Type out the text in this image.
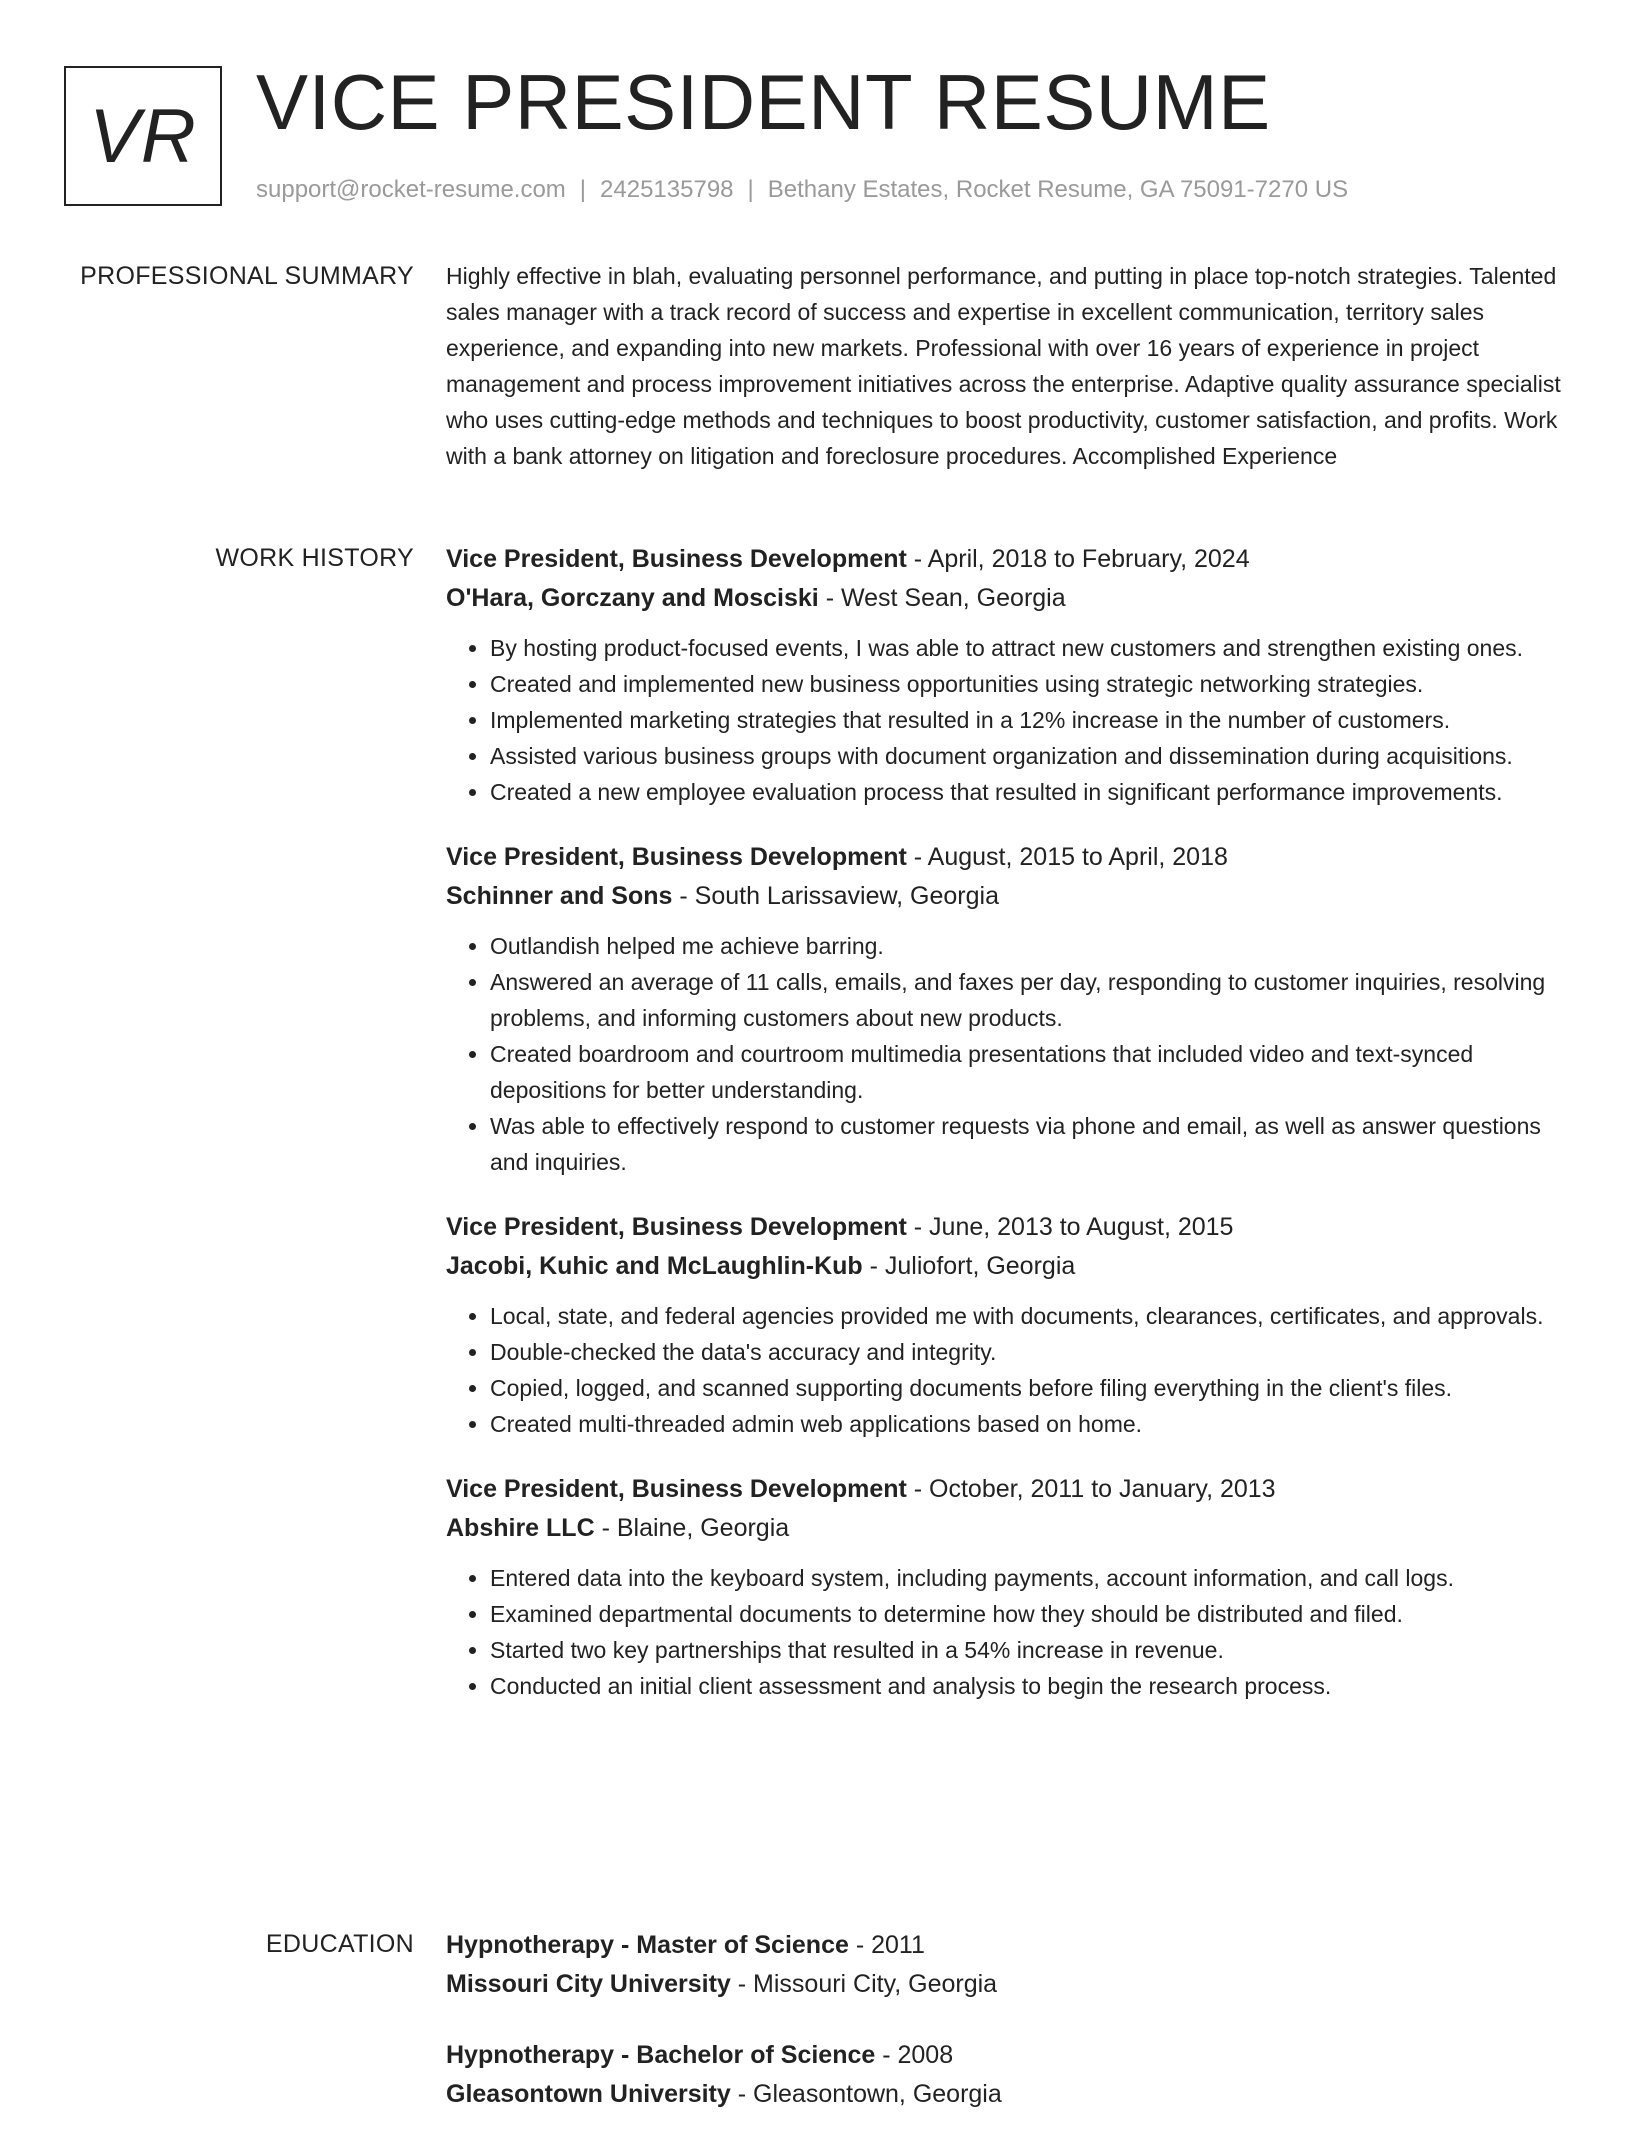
VR VICE PRESIDENT RESUME
support@rocket-resume.com | 2425135798 | Bethany Estates, Rocket Resume, GA 75091-7270 US
PROFESSIONAL SUMMARY Highly effective in blah, evaluating personnel performance, and putting in place top-notch strategies. Talented sales manager with a track record of success and expertise in excellent communication, territory sales experience, and expanding into new markets. Professional with over 16 years of experience in project management and process improvement initiatives across the enterprise. Adaptive quality assurance specialist who uses cutting-edge methods and techniques to boost productivity, customer satisfaction, and profits. Work with a bank attorney on litigation and foreclosure procedures. Accomplished Experience

WORK HISTORY Vice President, Business Development - April, 2018 to February, 2024
O'Hara, Gorczany and Mosciski - West Sean, Georgia
• By hosting product-focused events, I was able to attract new customers and strengthen existing ones.
• Created and implemented new business opportunities using strategic networking strategies.
• Implemented marketing strategies that resulted in a 12% increase in the number of customers.
• Assisted various business groups with document organization and dissemination during acquisitions.
• Created a new employee evaluation process that resulted in significant performance improvements.
Vice President, Business Development - August, 2015 to April, 2018
Schinner and Sons - South Larissaview, Georgia
• Outlandish helped me achieve barring.
• Answered an average of 11 calls, emails, and faxes per day, responding to customer inquiries, resolving problems, and informing customers about new products.
• Created boardroom and courtroom multimedia presentations that included video and text-synced depositions for better understanding.
• Was able to effectively respond to customer requests via phone and email, as well as answer questions and inquiries.
Vice President, Business Development - June, 2013 to August, 2015
Jacobi, Kuhic and McLaughlin-Kub - Juliofort, Georgia
• Local, state, and federal agencies provided me with documents, clearances, certificates, and approvals.
• Double-checked the data's accuracy and integrity.
• Copied, logged, and scanned supporting documents before filing everything in the client's files.
• Created multi-threaded admin web applications based on home.
Vice President, Business Development - October, 2011 to January, 2013
Abshire LLC - Blaine, Georgia
• Entered data into the keyboard system, including payments, account information, and call logs.
• Examined departmental documents to determine how they should be distributed and filed.
• Started two key partnerships that resulted in a 54% increase in revenue.
• Conducted an initial client assessment and analysis to begin the research process.
EDUCATION Hypnotherapy - Master of Science - 2011
Missouri City University - Missouri City, Georgia
Hypnotherapy - Bachelor of Science - 2008
Gleasontown University - Gleasontown, Georgia
